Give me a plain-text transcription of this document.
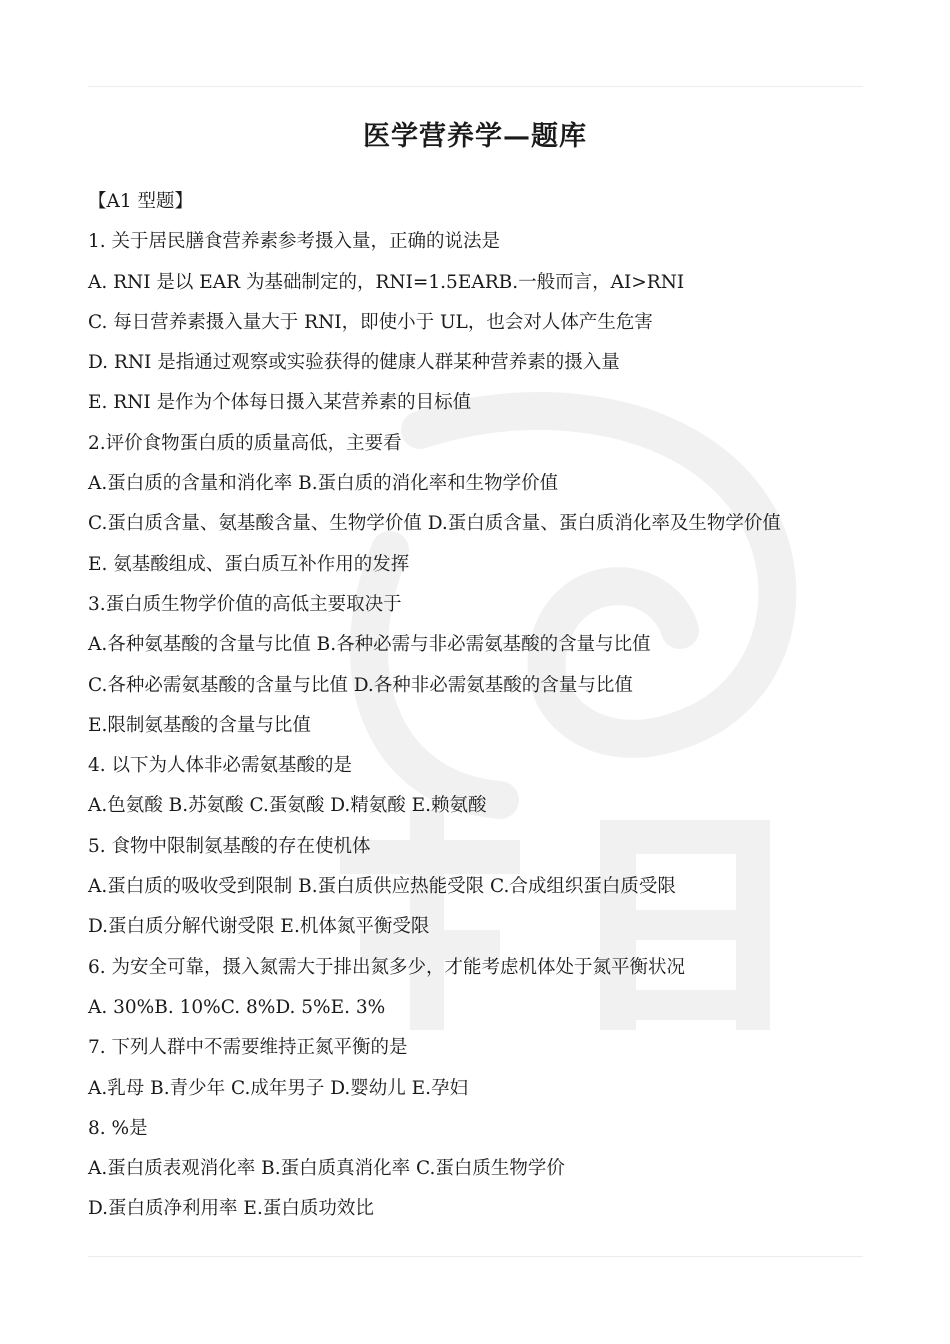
医学营养学—题库
【A1 型题】
1. 关于居民膳食营养素参考摄入量，正确的说法是
A. RNI 是以 EAR 为基础制定的，RNI=1.5EARB.一般而言，AI>RNI
C. 每日营养素摄入量大于 RNI，即使小于 UL，也会对人体产生危害
D. RNI 是指通过观察或实验获得的健康人群某种营养素的摄入量
E. RNI 是作为个体每日摄入某营养素的目标值
2.评价食物蛋白质的质量高低，主要看
A.蛋白质的含量和消化率 B.蛋白质的消化率和生物学价值
C.蛋白质含量、氨基酸含量、生物学价值 D.蛋白质含量、蛋白质消化率及生物学价值
E. 氨基酸组成、蛋白质互补作用的发挥
3.蛋白质生物学价值的高低主要取决于
A.各种氨基酸的含量与比值 B.各种必需与非必需氨基酸的含量与比值
C.各种必需氨基酸的含量与比值 D.各种非必需氨基酸的含量与比值
E.限制氨基酸的含量与比值
4. 以下为人体非必需氨基酸的是
A.色氨酸 B.苏氨酸 C.蛋氨酸 D.精氨酸 E.赖氨酸
5. 食物中限制氨基酸的存在使机体
A.蛋白质的吸收受到限制 B.蛋白质供应热能受限 C.合成组织蛋白质受限
D.蛋白质分解代谢受限 E.机体氮平衡受限
6. 为安全可靠，摄入氮需大于排出氮多少，才能考虑机体处于氮平衡状况
A. 30%B. 10%C. 8%D. 5%E. 3%
7. 下列人群中不需要维持正氮平衡的是
A.乳母 B.青少年 C.成年男子 D.婴幼儿 E.孕妇
8. %是
A.蛋白质表观消化率 B.蛋白质真消化率 C.蛋白质生物学价
D.蛋白质净利用率 E.蛋白质功效比
